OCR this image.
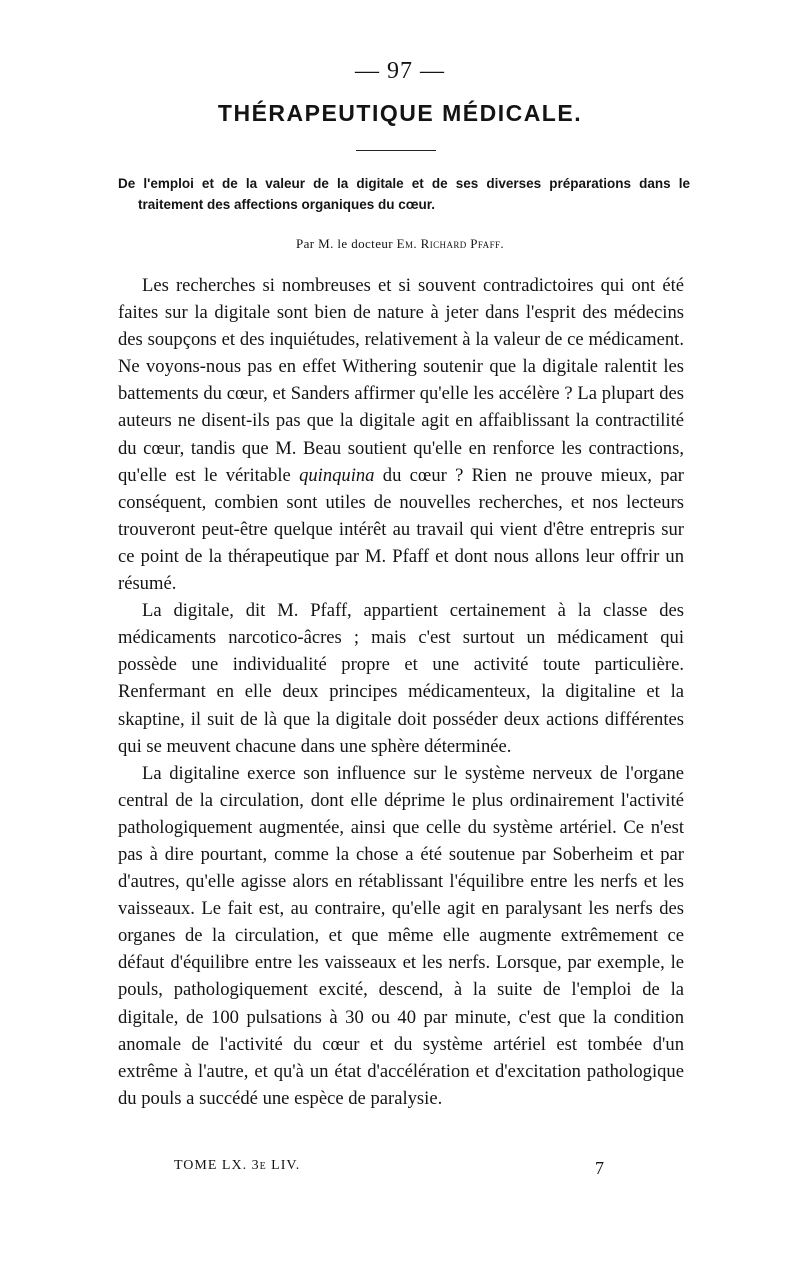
— 97 —
THÉRAPEUTIQUE MÉDICALE.
De l'emploi et de la valeur de la digitale et de ses diverses préparations dans le traitement des affections organiques du cœur.
Par M. le docteur Em. Richard Pfaff.

Les recherches si nombreuses et si souvent contradictoires qui ont été faites sur la digitale sont bien de nature à jeter dans l'esprit des médecins des soupçons et des inquiétudes, relativement à la valeur de ce médicament. Ne voyons-nous pas en effet Withering soutenir que la digitale ralentit les battements du cœur, et Sanders affirmer qu'elle les accélère ? La plupart des auteurs ne disent-ils pas que la digitale agit en affaiblissant la contractilité du cœur, tandis que M. Beau soutient qu'elle en renforce les contractions, qu'elle est le véritable quinquina du cœur ? Rien ne prouve mieux, par conséquent, combien sont utiles de nouvelles recherches, et nos lecteurs trouveront peut-être quelque intérêt au travail qui vient d'être entrepris sur ce point de la thérapeutique par M. Pfaff et dont nous allons leur offrir un résumé.

La digitale, dit M. Pfaff, appartient certainement à la classe des médicaments narcotico-âcres ; mais c'est surtout un médicament qui possède une individualité propre et une activité toute particulière. Renfermant en elle deux principes médicamenteux, la digitaline et la skaptine, il suit de là que la digitale doit posséder deux actions différentes qui se meuvent chacune dans une sphère déterminée.

La digitaline exerce son influence sur le système nerveux de l'organe central de la circulation, dont elle déprime le plus ordinairement l'activité pathologiquement augmentée, ainsi que celle du système artériel. Ce n'est pas à dire pourtant, comme la chose a été soutenue par Soberheim et par d'autres, qu'elle agisse alors en rétablissant l'équilibre entre les nerfs et les vaisseaux. Le fait est, au contraire, qu'elle agit en paralysant les nerfs des organes de la circulation, et que même elle augmente extrêmement ce défaut d'équilibre entre les vaisseaux et les nerfs. Lorsque, par exemple, le pouls, pathologiquement excité, descend, à la suite de l'emploi de la digitale, de 100 pulsations à 30 ou 40 par minute, c'est que la condition anomale de l'activité du cœur et du système artériel est tombée d'un extrême à l'autre, et qu'à un état d'accélération et d'excitation pathologique du pouls a succédé une espèce de paralysie.

TOME LX. 3e LIV.	7
